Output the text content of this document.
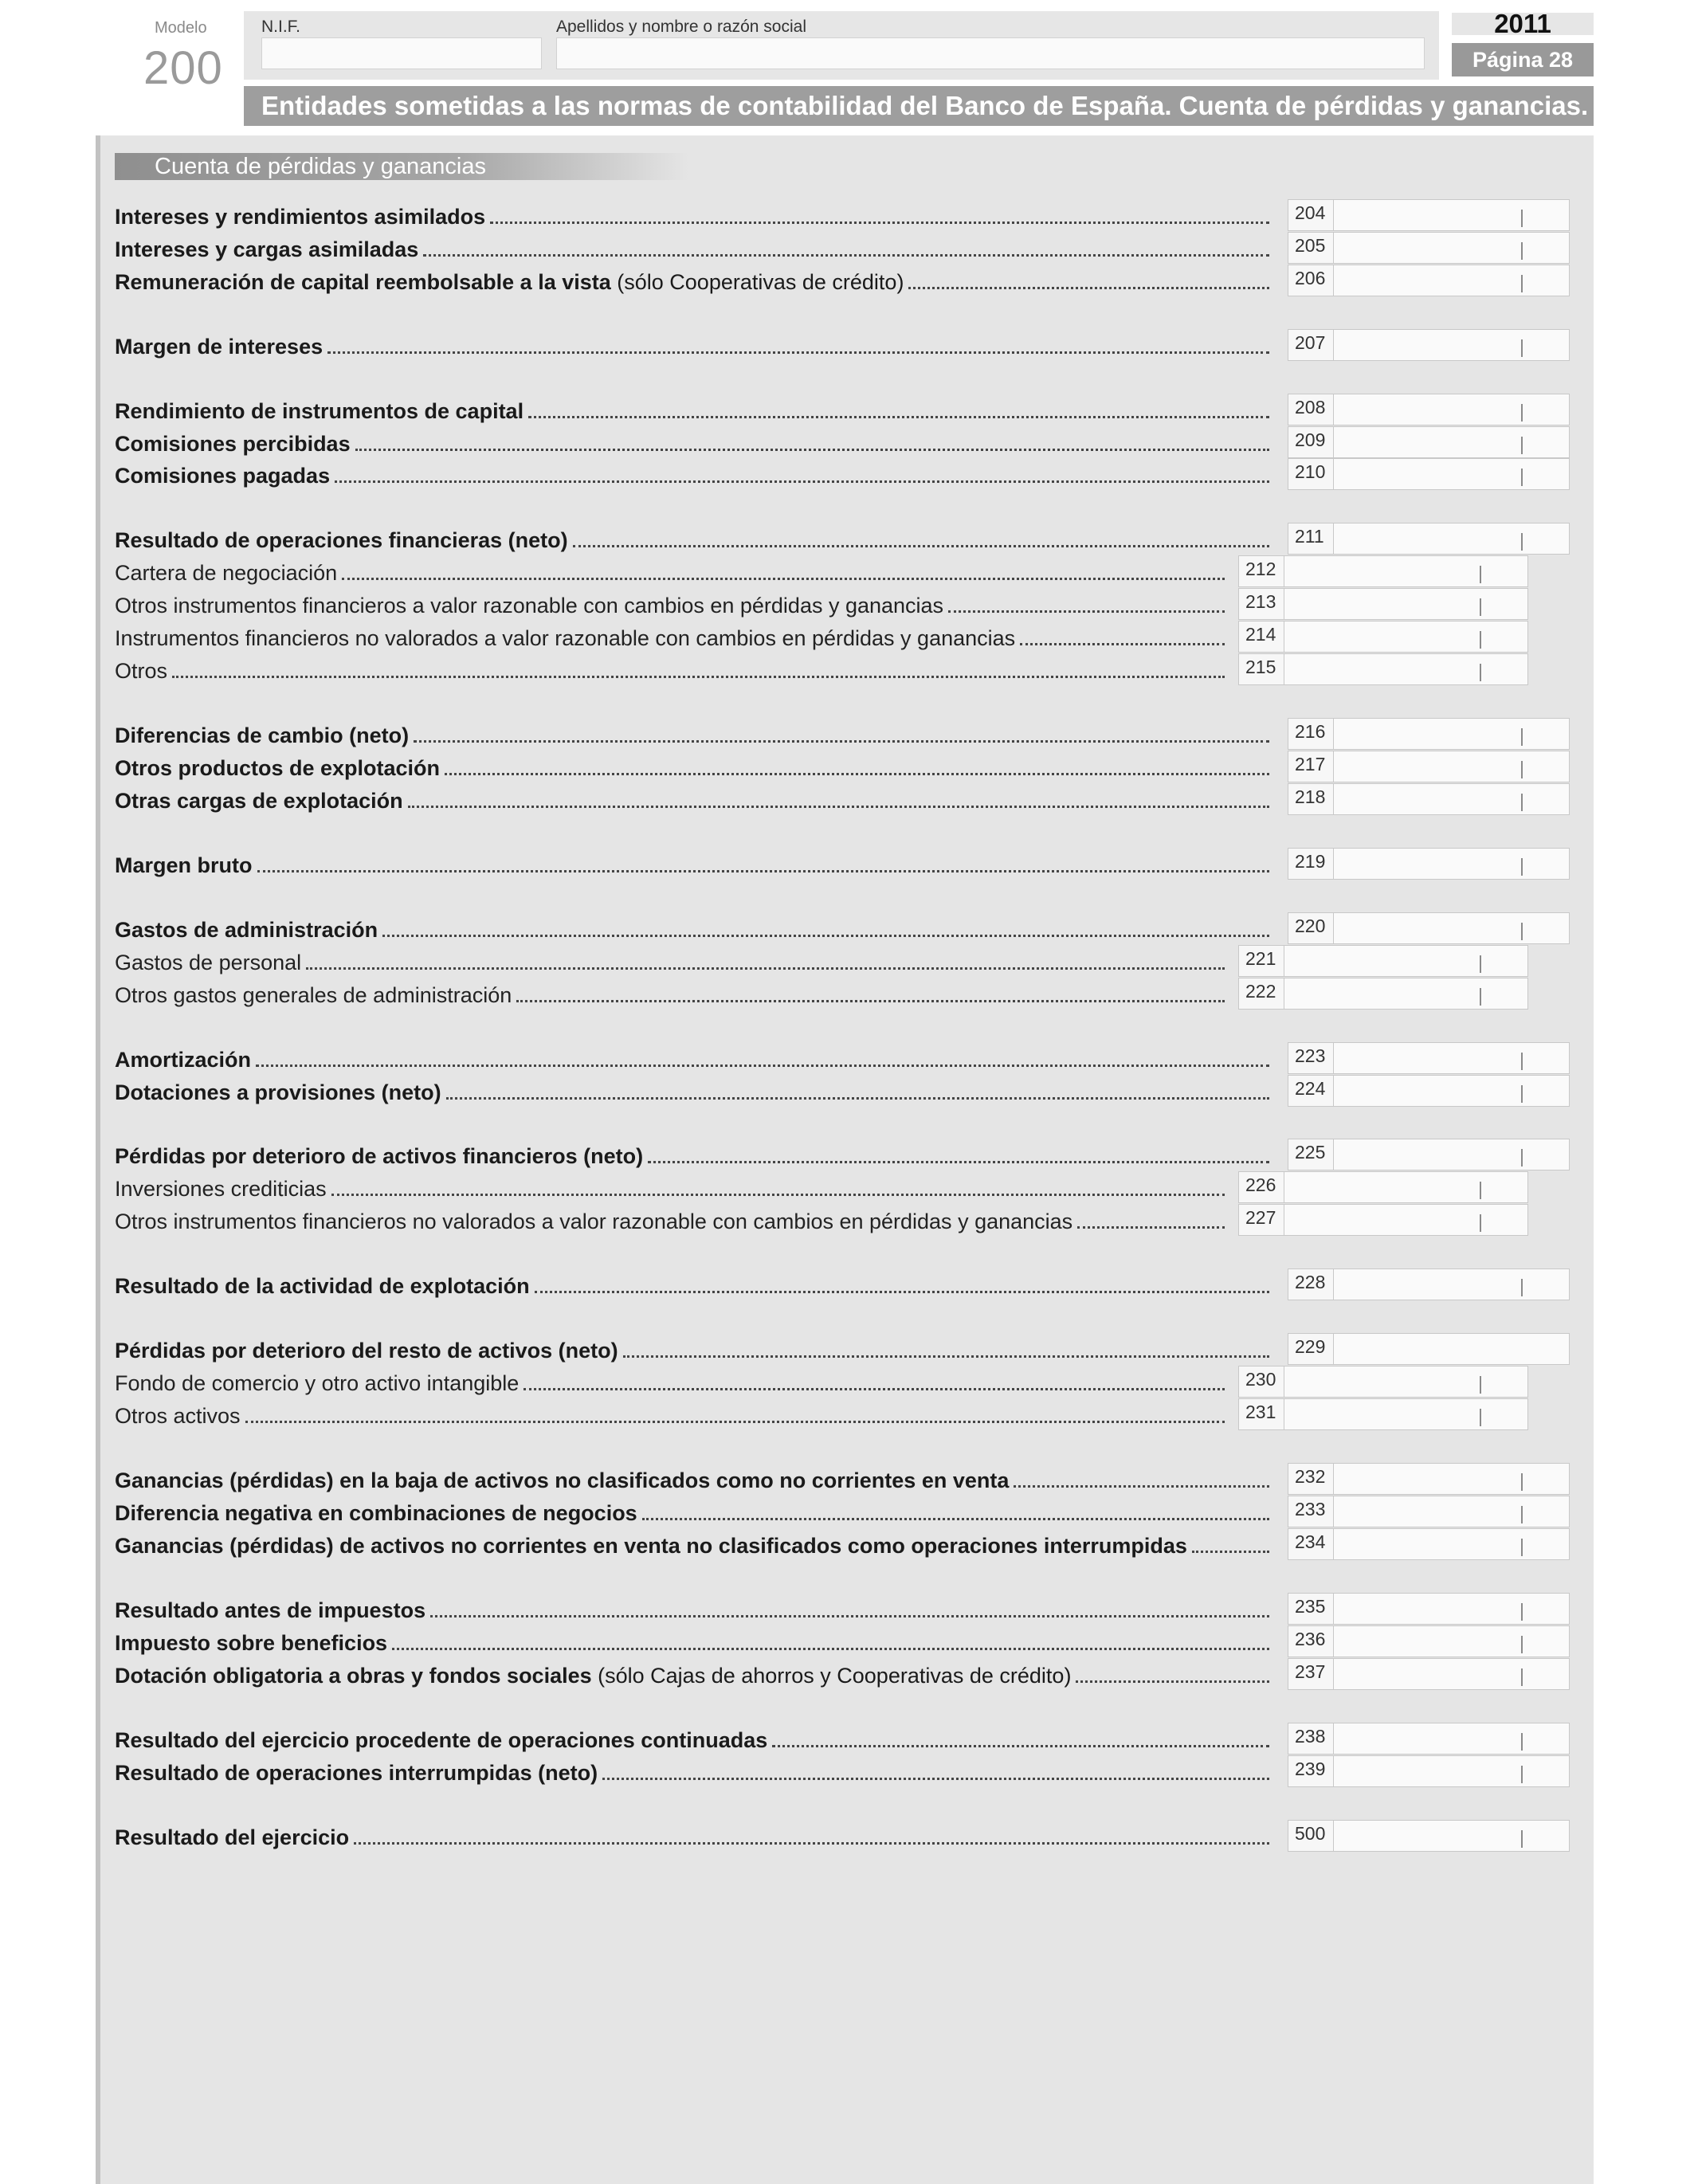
Modelo
200
N.I.F.	Apellidos y nombre o razón social	2011
Página 28
Entidades sometidas a las normas de contabilidad del Banco de España. Cuenta de pérdidas y ganancias.
Cuenta de pérdidas y ganancias
Intereses y rendimientos asimilados	204
Intereses y cargas asimiladas	205
Remuneración de capital reembolsable a la vista (sólo Cooperativas de crédito)	206
Margen de intereses	207
Rendimiento de instrumentos de capital	208
Comisiones percibidas	209
Comisiones pagadas	210
Resultado de operaciones financieras (neto)	211
Cartera de negociación	212
Otros instrumentos financieros a valor razonable con cambios en pérdidas y ganancias	213
Instrumentos financieros no valorados a valor razonable con cambios en pérdidas y ganancias	214
Otros	215
Diferencias de cambio (neto)	216
Otros productos de explotación	217
Otras cargas de explotación	218
Margen bruto	219
Gastos de administración	220
Gastos de personal	221
Otros gastos generales de administración	222
Amortización	223
Dotaciones a provisiones (neto)	224
Pérdidas por deterioro de activos financieros (neto)	225
Inversiones crediticias	226
Otros instrumentos financieros no valorados a valor razonable con cambios en pérdidas y ganancias	227
Resultado de la actividad de explotación	228
Pérdidas por deterioro del resto de activos (neto)	229
Fondo de comercio y otro activo intangible	230
Otros activos	231
Ganancias (pérdidas) en la baja de activos no clasificados como no corrientes en venta	232
Diferencia negativa en combinaciones de negocios	233
Ganancias (pérdidas) de activos no corrientes en venta no clasificados como operaciones interrumpidas	234
Resultado antes de impuestos	235
Impuesto sobre beneficios	236
Dotación obligatoria a obras y fondos sociales (sólo Cajas de ahorros y Cooperativas de crédito)	237
Resultado del ejercicio procedente de operaciones continuadas	238
Resultado de operaciones interrumpidas (neto)	239
Resultado del ejercicio	500
